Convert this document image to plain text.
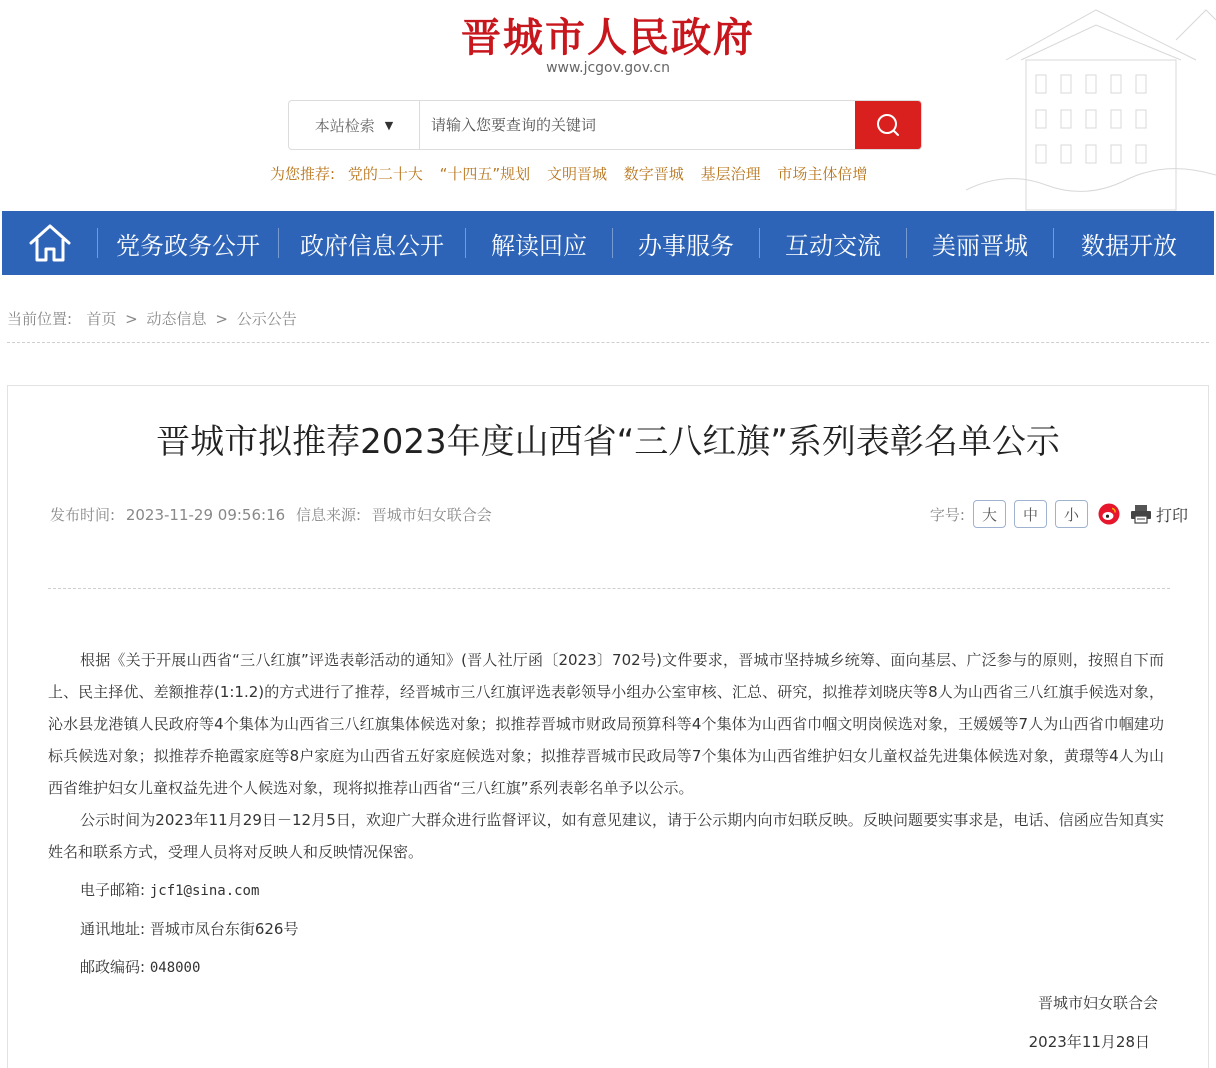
晋城市人民政府
www.jcgov.gov.cn
本站检索 ▼
请输入您要查询的关键词
为您推荐: 党的二十大 “十四五”规划 文明晋城 数字晋城 基层治理 市场主体倍增
党务政务公开	政府信息公开	解读回应	办事服务	互动交流	美丽晋城	数据开放
当前位置: 首页 > 动态信息 > 公示公告
晋城市拟推荐2023年度山西省“三八红旗”系列表彰名单公示
发布时间: 2023-11-29 09:56:16 信息来源: 晋城市妇女联合会	字号:	大	中	小	打印

根据《关于开展山西省“三八红旗”评选表彰活动的通知》(晋人社厅函〔2023〕702号)文件要求，晋城市坚持城乡统筹、面向基层、广泛参与的原则，按照自下而上、民主择优、差额推荐(1:1.2)的方式进行了推荐，经晋城市三八红旗评选表彰领导小组办公室审核、汇总、研究，拟推荐刘晓庆等8人为山西省三八红旗手候选对象，沁水县龙港镇人民政府等4个集体为山西省三八红旗集体候选对象；拟推荐晋城市财政局预算科等4个集体为山西省巾帼文明岗候选对象，王媛媛等7人为山西省巾帼建功标兵候选对象；拟推荐乔艳霞家庭等8户家庭为山西省五好家庭候选对象；拟推荐晋城市民政局等7个集体为山西省维护妇女儿童权益先进集体候选对象，黄璟等4人为山西省维护妇女儿童权益先进个人候选对象，现将拟推荐山西省“三八红旗”系列表彰名单予以公示。

公示时间为2023年11月29日－12月5日，欢迎广大群众进行监督评议，如有意见建议，请于公示期内向市妇联反映。反映问题要实事求是，电话、信函应告知真实姓名和联系方式，受理人员将对反映人和反映情况保密。

电子邮箱: jcf1@sina.com
通讯地址: 晋城市凤台东街626号
邮政编码: 048000
晋城市妇女联合会
2023年11月28日
